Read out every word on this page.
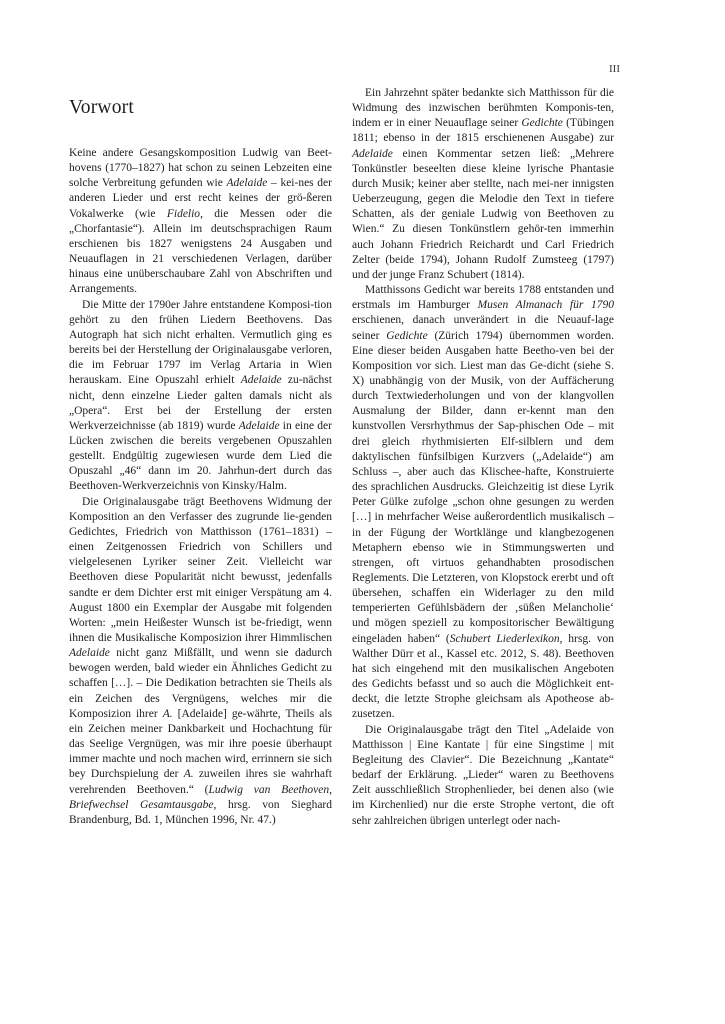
III
Vorwort

Keine andere Gesangskomposition Ludwig van Beet-hovens (1770–1827) hat schon zu seinen Lebzeiten eine solche Verbreitung gefunden wie Adelaide – kei-nes der anderen Lieder und erst recht keines der grö-ßeren Vokalwerke (wie Fidelio, die Messen oder die „Chorfantasie“). Allein im deutschsprachigen Raum erschienen bis 1827 wenigstens 24 Ausgaben und Neuauflagen in 21 verschiedenen Verlagen, darüber hinaus eine unüberschaubare Zahl von Abschriften und Arrangements.

Die Mitte der 1790er Jahre entstandene Komposi-tion gehört zu den frühen Liedern Beethovens. Das Autograph hat sich nicht erhalten. Vermutlich ging es bereits bei der Herstellung der Originalausgabe verloren, die im Februar 1797 im Verlag Artaria in Wien herauskam. Eine Opuszahl erhielt Adelaide zu-nächst nicht, denn einzelne Lieder galten damals nicht als „Opera“. Erst bei der Erstellung der ersten Werkverzeichnisse (ab 1819) wurde Adelaide in eine der Lücken zwischen die bereits vergebenen Opuszahlen gestellt. Endgültig zugewiesen wurde dem Lied die Opuszahl „46“ dann im 20. Jahrhun-dert durch das Beethoven-Werkverzeichnis von Kinsky/Halm.

Die Originalausgabe trägt Beethovens Widmung der Komposition an den Verfasser des zugrunde lie-genden Gedichtes, Friedrich von Matthisson (1761–1831) – einen Zeitgenossen Friedrich von Schillers und vielgelesenen Lyriker seiner Zeit. Vielleicht war Beethoven diese Popularität nicht bewusst, jedenfalls sandte er dem Dichter erst mit einiger Verspätung am 4. August 1800 ein Exemplar der Ausgabe mit folgenden Worten: „mein Heißester Wunsch ist be-friedigt, wenn ihnen die Musikalische Komposizion ihrer Himmlischen Adelaide nicht ganz Mißfällt, und wenn sie dadurch bewogen werden, bald wieder ein Ähnliches Gedicht zu schaffen […]. – Die Dedikation betrachten sie Theils als ein Zeichen des Vergnügens, welches mir die Komposizion ihrer A. [Adelaide] ge-währte, Theils als ein Zeichen meiner Dankbarkeit und Hochachtung für das Seelige Vergnügen, was mir ihre poesie überhaupt immer machte und noch machen wird, errinnern sie sich bey Durchspielung der A. zuweilen ihres sie wahrhaft verehrenden Beethoven.“ (Ludwig van Beethoven, Briefwechsel Gesamtausgabe, hrsg. von Sieghard Brandenburg, Bd. 1, München 1996, Nr. 47.)

Ein Jahrzehnt später bedankte sich Matthisson für die Widmung des inzwischen berühmten Komponis-ten, indem er in einer Neuauflage seiner Gedichte (Tübingen 1811; ebenso in der 1815 erschienenen Ausgabe) zur Adelaide einen Kommentar setzen ließ: „Mehrere Tonkünstler beseelten diese kleine lyrische Phantasie durch Musik; keiner aber stellte, nach mei-ner innigsten Ueberzeugung, gegen die Melodie den Text in tiefere Schatten, als der geniale Ludwig von Beethoven zu Wien.“ Zu diesen Tonkünstlern gehör-ten immerhin auch Johann Friedrich Reichardt und Carl Friedrich Zelter (beide 1794), Johann Rudolf Zumsteeg (1797) und der junge Franz Schubert (1814).

Matthissons Gedicht war bereits 1788 entstanden und erstmals im Hamburger Musen Almanach für 1790 erschienen, danach unverändert in die Neuauf-lage seiner Gedichte (Zürich 1794) übernommen worden. Eine dieser beiden Ausgaben hatte Beetho-ven bei der Komposition vor sich. Liest man das Ge-dicht (siehe S. X) unabhängig von der Musik, von der Auffächerung durch Textwiederholungen und von der klangvollen Ausmalung der Bilder, dann er-kennt man den kunstvollen Versrhythmus der Sap-phischen Ode – mit drei gleich rhythmisierten Elf-silblern und dem daktylischen fünfsilbigen Kurzvers („Adelaide“) am Schluss –, aber auch das Klischee-hafte, Konstruierte des sprachlichen Ausdrucks. Gleichzeitig ist diese Lyrik Peter Gülke zufolge „schon ohne gesungen zu werden […] in mehrfacher Weise außerordentlich musikalisch – in der Fügung der Wortklänge und klangbezogenen Metaphern ebenso wie in Stimmungswerten und strengen, oft virtuos gehandhabten prosodischen Reglements. Die Letzteren, von Klopstock ererbt und oft übersehen, schaffen ein Widerlager zu den mild temperierten Gefühlsbädern der ‚süßen Melancholie‘ und mögen speziell zu kompositorischer Bewältigung eingeladen haben“ (Schubert Liederlexikon, hrsg. von Walther Dürr et al., Kassel etc. 2012, S. 48). Beethoven hat sich eingehend mit den musikalischen Angeboten des Gedichts befasst und so auch die Möglichkeit ent-deckt, die letzte Strophe gleichsam als Apotheose ab-zusetzen.

Die Originalausgabe trägt den Titel „Adelaide von Matthisson | Eine Kantate | für eine Singstime | mit Begleitung des Clavier“. Die Bezeichnung „Kantate“ bedarf der Erklärung. „Lieder“ waren zu Beethovens Zeit ausschließlich Strophenlieder, bei denen also (wie im Kirchenlied) nur die erste Strophe vertont, die oft sehr zahlreichen übrigen unterlegt oder nach-
